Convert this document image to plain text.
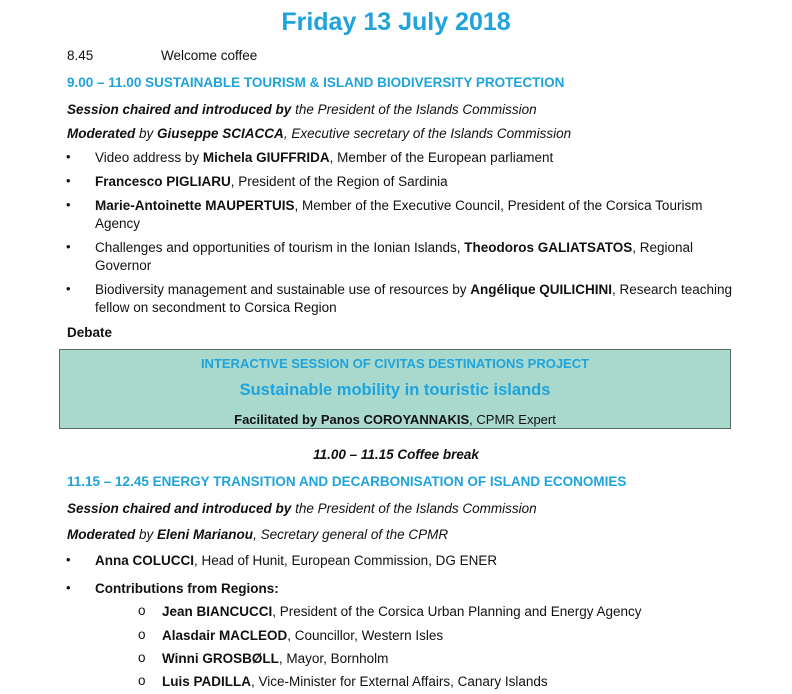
Friday 13 July 2018
8.45	Welcome coffee
9.00 – 11.00 SUSTAINABLE TOURISM & ISLAND BIODIVERSITY PROTECTION
Session chaired and introduced by the President of the Islands Commission
Moderated by Giuseppe SCIACCA, Executive secretary of the Islands Commission
• Video address by Michela GIUFFRIDA, Member of the European parliament
• Francesco PIGLIARU, President of the Region of Sardinia
• Marie-Antoinette MAUPERTUIS, Member of the Executive Council, President of the Corsica Tourism
Agency
• Challenges and opportunities of tourism in the Ionian Islands, Theodoros GALIATSATOS, Regional
Governor
• Biodiversity management and sustainable use of resources by Angélique QUILICHINI, Research teaching
fellow on secondment to Corsica Region
Debate
INTERACTIVE SESSION OF CIVITAS DESTINATIONS PROJECT
Sustainable mobility in touristic islands
Facilitated by Panos COROYANNAKIS, CPMR Expert
11.00 – 11.15 Coffee break
11.15 – 12.45 ENERGY TRANSITION AND DECARBONISATION OF ISLAND ECONOMIES
Session chaired and introduced by the President of the Islands Commission
Moderated by Eleni Marianou, Secretary general of the CPMR
• Anna COLUCCI, Head of Hunit, European Commission, DG ENER
• Contributions from Regions:
o Jean BIANCUCCI, President of the Corsica Urban Planning and Energy Agency
o Alasdair MACLEOD, Councillor, Western Isles
o Winni GROSBØLL, Mayor, Bornholm
o Luis PADILLA, Vice-Minister for External Affairs, Canary Islands
